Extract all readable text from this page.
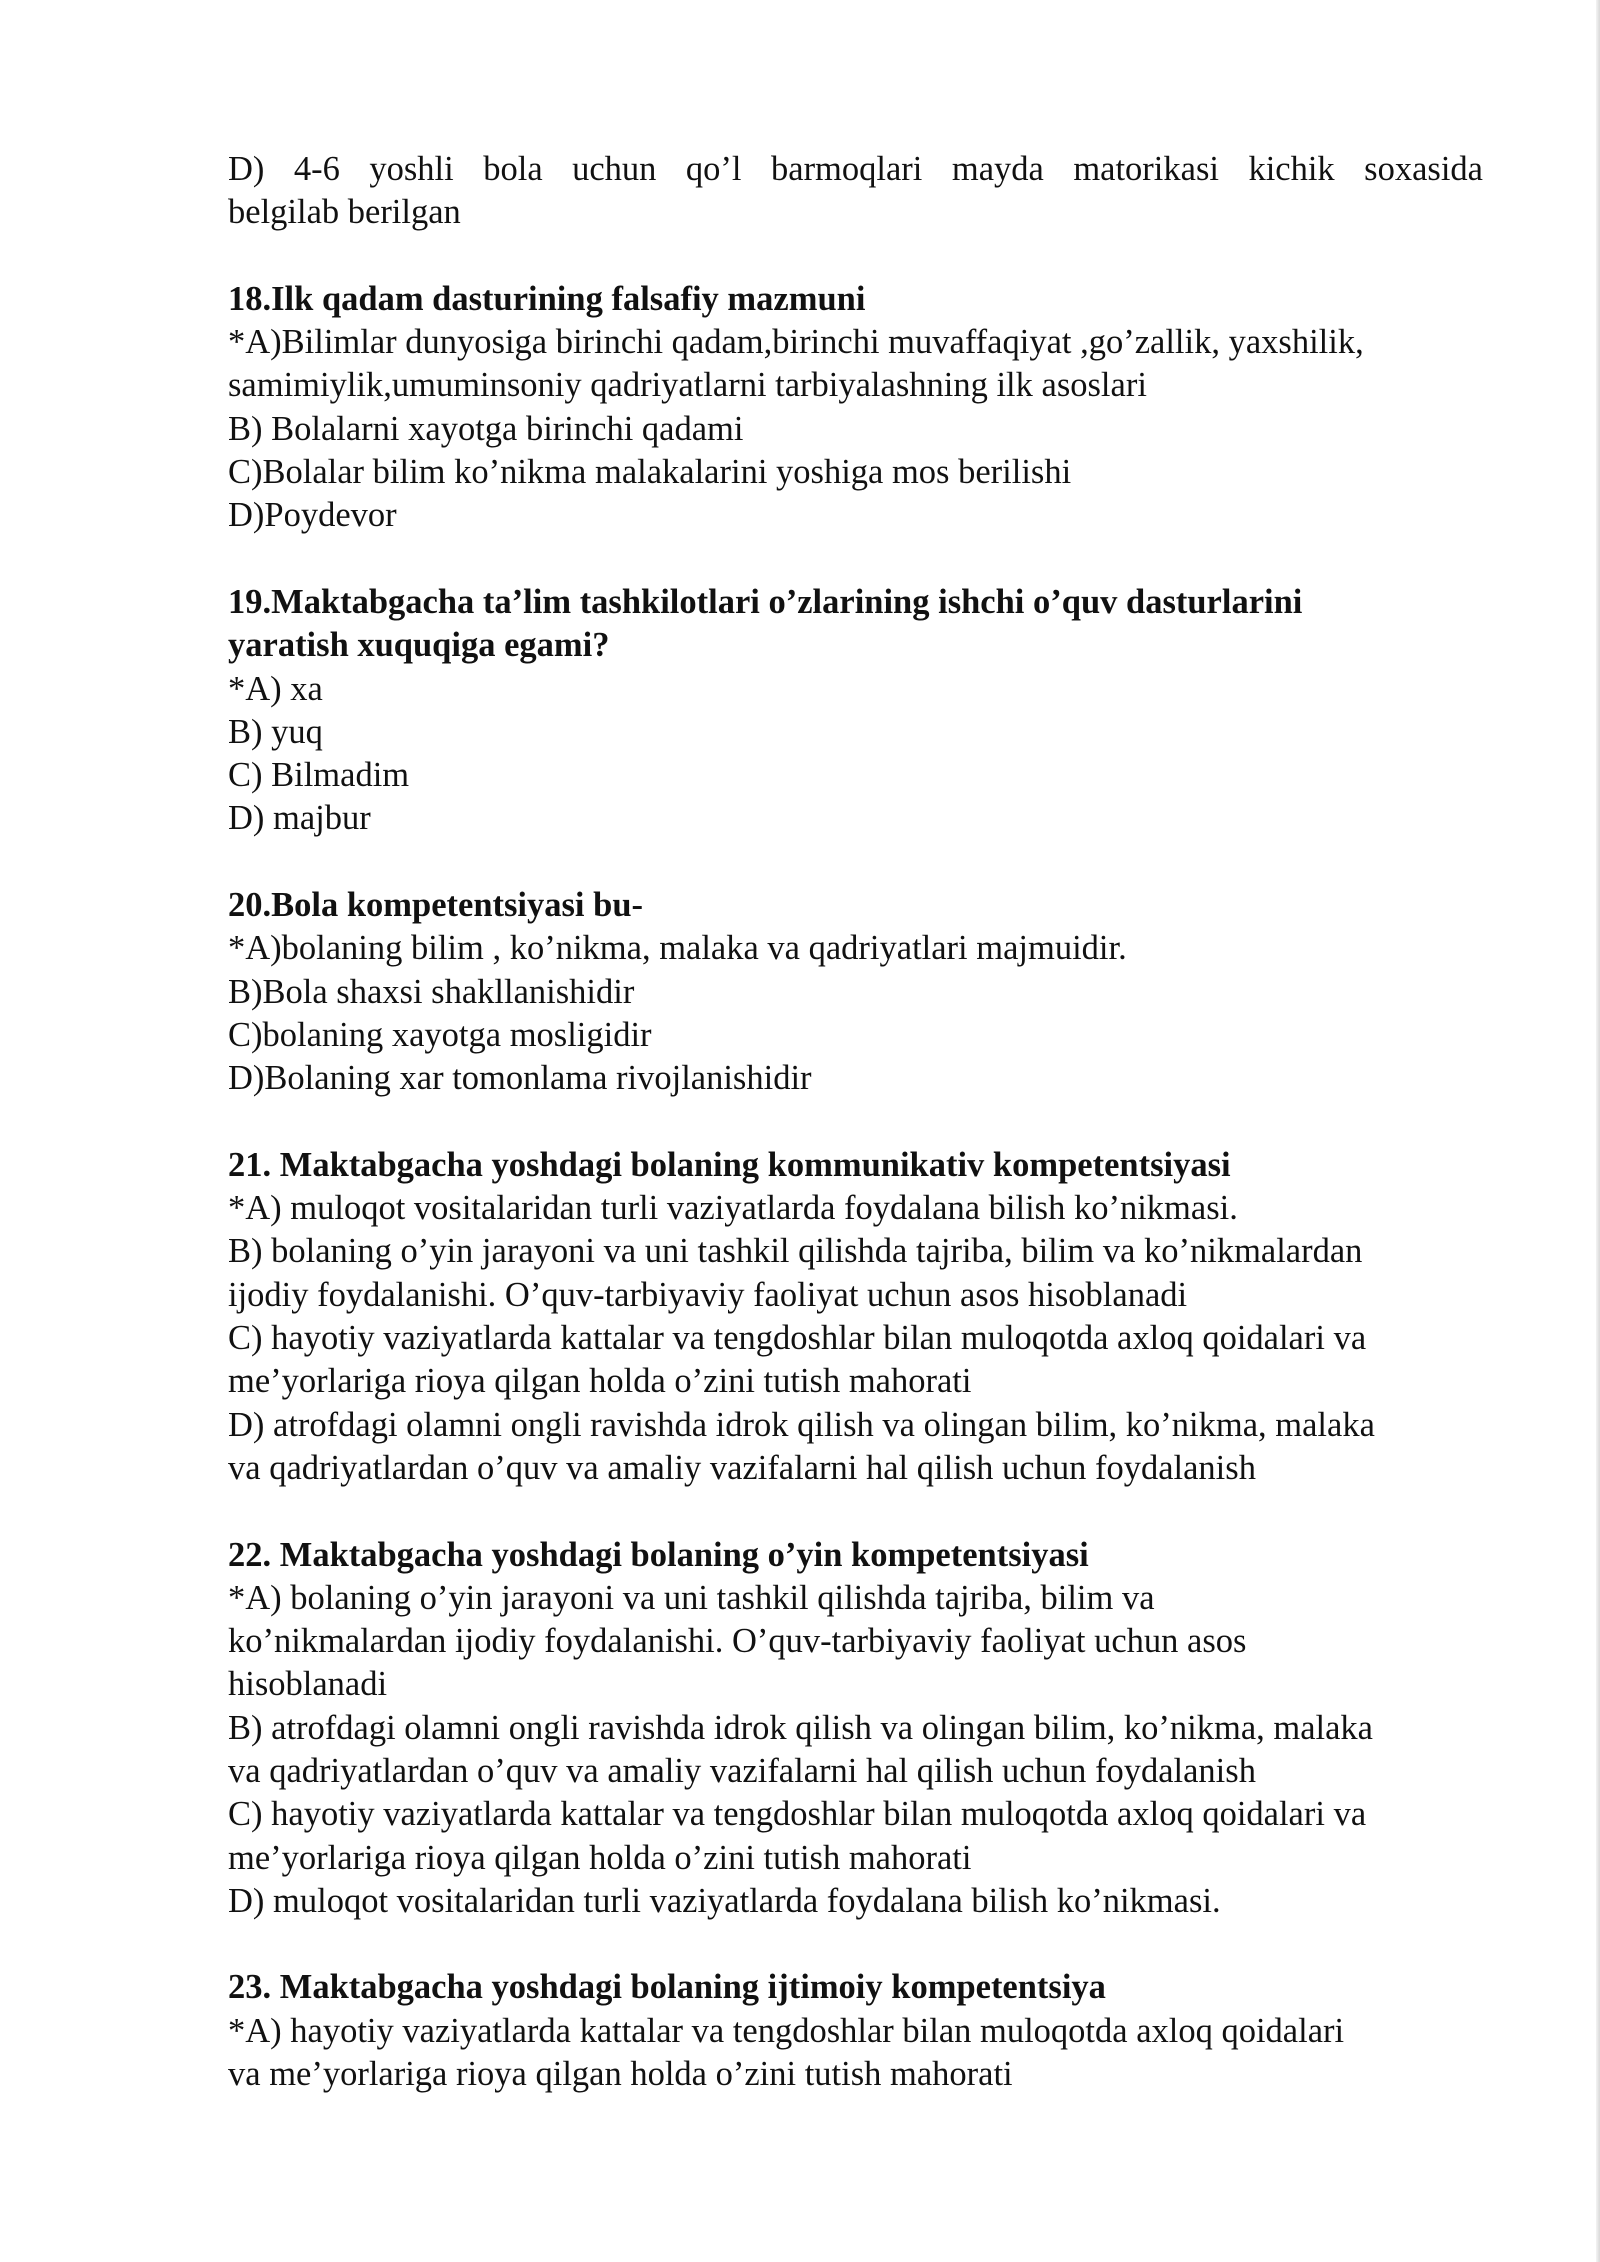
D) 4-6 yoshli bola uchun qo’l barmoqlari mayda matorikasi kichik soxasida
belgilab berilgan
18.Ilk qadam dasturining falsafiy mazmuni
*A)Bilimlar dunyosiga birinchi qadam,birinchi muvaffaqiyat ,go’zallik, yaxshilik,
samimiylik,umuminsoniy qadriyatlarni tarbiyalashning ilk asoslari
B) Bolalarni xayotga birinchi qadami
C)Bolalar bilim ko’nikma malakalarini yoshiga mos berilishi
D)Poydevor
19.Maktabgacha ta’lim tashkilotlari o’zlarining ishchi o’quv dasturlarini
yaratish xuquqiga egami?
*A) xa
B) yuq
C) Bilmadim
D) majbur
20.Bola kompetentsiyasi bu-
*A)bolaning bilim , ko’nikma, malaka va qadriyatlari majmuidir.
B)Bola shaxsi shakllanishidir
C)bolaning xayotga mosligidir
D)Bolaning xar tomonlama rivojlanishidir
21. Maktabgacha yoshdagi bolaning kommunikativ kompetentsiyasi
*A) muloqot vositalaridan turli vaziyatlarda foydalana bilish ko’nikmasi.
B) bolaning o’yin jarayoni va uni tashkil qilishda tajriba, bilim va ko’nikmalardan
ijodiy foydalanishi. O’quv-tarbiyaviy faoliyat uchun asos hisoblanadi
C) hayotiy vaziyatlarda kattalar va tengdoshlar bilan muloqotda axloq qoidalari va
me’yorlariga rioya qilgan holda o’zini tutish mahorati
D) atrofdagi olamni ongli ravishda idrok qilish va olingan bilim, ko’nikma, malaka
va qadriyatlardan o’quv va amaliy vazifalarni hal qilish uchun foydalanish
22. Maktabgacha yoshdagi bolaning o’yin kompetentsiyasi
*A) bolaning o’yin jarayoni va uni tashkil qilishda tajriba, bilim va
ko’nikmalardan ijodiy foydalanishi. O’quv-tarbiyaviy faoliyat uchun asos
hisoblanadi
B) atrofdagi olamni ongli ravishda idrok qilish va olingan bilim, ko’nikma, malaka
va qadriyatlardan o’quv va amaliy vazifalarni hal qilish uchun foydalanish
C) hayotiy vaziyatlarda kattalar va tengdoshlar bilan muloqotda axloq qoidalari va
me’yorlariga rioya qilgan holda o’zini tutish mahorati
D) muloqot vositalaridan turli vaziyatlarda foydalana bilish ko’nikmasi.
23. Maktabgacha yoshdagi bolaning ijtimoiy kompetentsiya
*A) hayotiy vaziyatlarda kattalar va tengdoshlar bilan muloqotda axloq qoidalari
va me’yorlariga rioya qilgan holda o’zini tutish mahorati
